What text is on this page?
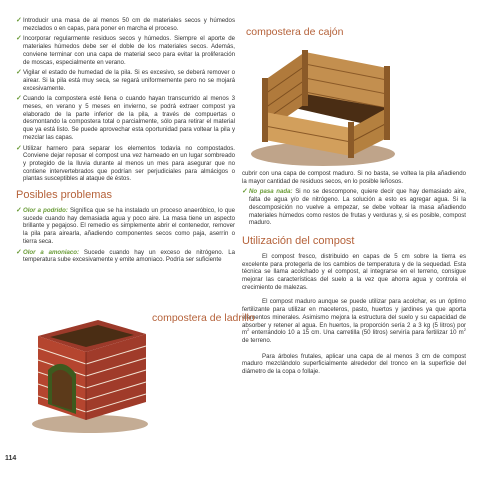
✓ Introducir una masa de al menos 50 cm de materiales secos y húmedos mezclados o en capas, para poner en marcha el proceso.
✓ Incorporar regularmente residuos secos y húmedos. Siempre el aporte de materiales húmedos debe ser el doble de los materiales secos. Además, conviene terminar con una capa de material seco para evitar la proliferación de moscas, especialmente en verano.
✓ Vigilar el estado de humedad de la pila. Si es excesivo, se deberá remover o airear. Si la pila está muy seca, se regará uniformemente pero no se mojará excesivamente.
✓ Cuando la compostera esté llena o cuando hayan transcurrido al menos 3 meses, en verano y 5 meses en invierno, se podrá extraer compost ya elaborado de la parte inferior de la pila, a través de compuertas o desmontando la compostera total o parcialmente, sólo para retirar el material que ya está listo. Se puede aprovechar esta oportunidad para voltear la pila y mezclar las capas.
✓ Utilizar harnero para separar los elementos todavía no compostados. Conviene dejar reposar el compost una vez harneado en un lugar sombreado y protegido de la lluvia durante al menos un mes para asegurar que no contiene intervertebrados que podrían ser perjudiciales para almácigos o plantas susceptibles al ataque de éstos.
Posibles problemas
✓ Olor a podrido: Significa que se ha instalado un proceso anaeróbico, lo que sucede cuando hay demasiada agua y poco aire. La masa tiene un aspecto brillante y pegajoso. El remedio es simplemente abrir el contenedor, remover la pila para airearla, añadiendo componentes secos como paja, aserrín o tierra seca.
✓ Olor a amoniaco: Sucede cuando hay un exceso de nitrógeno. La temperatura sube excesivamente y emite amoniaco. Podría ser suficiente
compostera de cajón
cubrir con una capa de compost maduro. Si no basta, se voltea la pila añadiendo la mayor cantidad de residuos secos, en lo posible leñosos.
✓ No pasa nada: Si no se descompone, quiere decir que hay demasiado aire, falta de agua y/o de nitrógeno. La solución a esto es agregar agua. Si la descomposición no vuelve a empezar, se debe voltear la masa añadiendo materiales húmedos como restos de frutas y verduras y, si es posible, compost maduro.
Utilización del compost

El compost fresco, distribuido en capas de 5 cm sobre la tierra es excelente para protegerla de los cambios de temperatura y de la sequedad. Esta técnica se llama acolchado y el compost, al integrarse en el terreno, consigue mejorar las características del suelo a la vez que ahorra agua y controla el crecimiento de malezas.

El compost maduro aunque se puede utilizar para acolchar, es un óptimo fertilizante para utilizar en maceteros, pasto, huertos y jardines ya que aporta elementos minerales. Asimismo mejora la estructura del suelo y su capacidad de absorber y retener al agua. En huertos, la proporción sería 2 a 3 kg (5 litros) por $m^2$ enterrándolo 10 a 15 cm. Una carretilla (50 litros) serviría para fertilizar 10 $m^2$ de terreno.

Para árboles frutales, aplicar una capa de al menos 3 cm de compost maduro mezclándolo superficialmente alrededor del tronco en la superficie del diámetro de la copa o follaje.

compostera de ladrillo
114
